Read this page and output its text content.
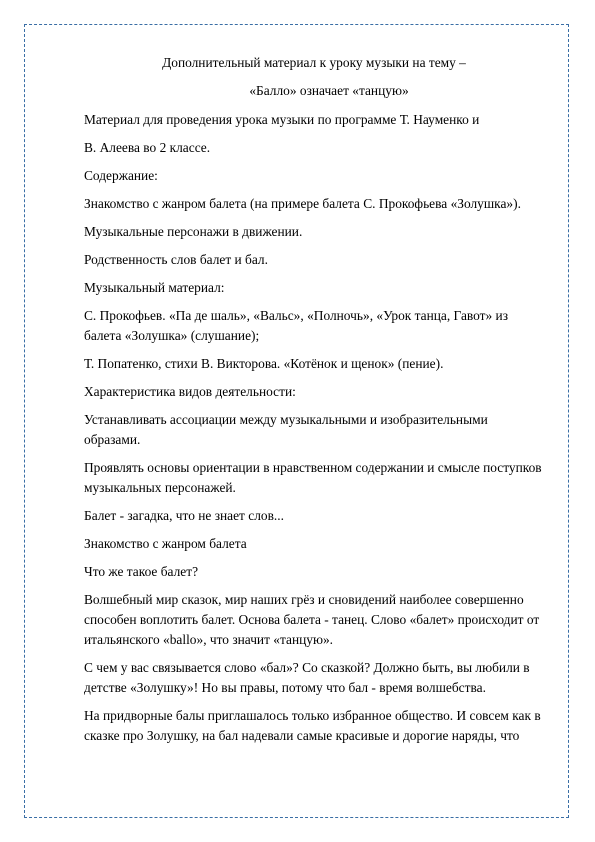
Дополнительный материал к уроку музыки на тему –

«Балло» означает «танцую»

Материал для проведения урока музыки по программе Т. Науменко и

В. Алеева во 2 классе.

Содержание:

Знакомство с жанром балета (на примере балета С. Прокофьева «Золушка»).

Музыкальные персонажи в движении.

Родственность слов балет и бал.

Музыкальный материал:

С. Прокофьев. «Па де шаль», «Вальс», «Полночь», «Урок танца, Гавот» из балета «Золушка» (слушание);

Т. Попатенко, стихи В. Викторова. «Котёнок и щенок» (пение).

Характеристика видов деятельности:

Устанавливать ассоциации между музыкальными и изобразительными образами.

Проявлять основы ориентации в нравственном содержании и смысле поступков музыкальных персонажей.

Балет - загадка, что не знает слов...

Знакомство с жанром балета

Что же такое балет?

Волшебный мир сказок, мир наших грёз и сновидений наиболее совершенно способен воплотить балет. Основа балета - танец. Слово «балет» происходит от итальянского «ballo», что значит «танцую».

С чем у вас связывается слово «бал»? Со сказкой? Должно быть, вы любили в детстве «Золушку»! Но вы правы, потому что бал - время волшебства.

На придворные балы приглашалось только избранное общество. И совсем как в сказке про Золушку, на бал надевали самые красивые и дорогие наряды, что
